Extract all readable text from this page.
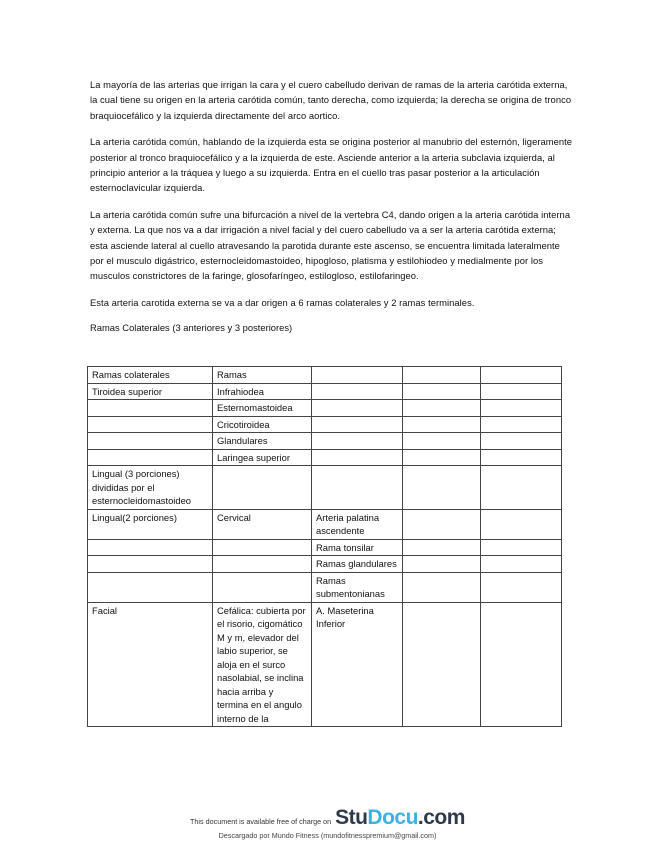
La mayoría de las arterias que irrigan la cara y el cuero cabelludo derivan de ramas de la arteria carótida externa, la cual tiene su origen en la arteria carótida común, tanto derecha, como izquierda; la derecha se origina de tronco braquiocefálico y la izquierda directamente del arco aortico.

La arteria carótida común, hablando de la izquierda esta se origina posterior al manubrio del esternón, ligeramente posterior al tronco braquiocefálico y a la izquierda de este. Asciende anterior a la arteria subclavia izquierda, al principio anterior a la tráquea y luego a su izquierda. Entra en el cuello tras pasar posterior a la articulación esternoclavicular izquierda.

La arteria carótida común sufre una bifurcación a nivel de la vertebra C4, dando origen a la arteria carótida interna y externa. La que nos va a dar irrigación a nivel facial y del cuero cabelludo va a ser la arteria carótida externa; esta asciende lateral al cuello atravesando la parotida durante este ascenso, se encuentra limitada lateralmente por el musculo digástrico, esternocleidomastoideo, hipogloso, platisma y estilohiodeo y medialmente por los musculos constrictores de la faringe, glosofaríngeo, estilogloso, estilofaringeo.

Esta arteria carotida externa se va a dar origen a 6 ramas colaterales y 2 ramas terminales.

Ramas Colaterales (3 anteriores y 3 posteriores)

Ramas colaterales	Ramas			
Tiroidea superior	Infrahiodea			
	Esternomastoidea			
	Cricotiroidea			
	Glandulares			
	Laringea superior			
Lingual (3 porciones) divididas por el esternocleidomastoideo				
Lingual(2 porciones)	Cervical	Arteria palatina ascendente		
		Rama tonsilar		
		Ramas glandulares		
		Ramas submentonianas		
Facial	Cefálica: cubierta por el risorio, cigomático M y m, elevador del labio superior, se aloja en el surco nasolabial, se inclina hacia arriba y termina en el angulo interno de la	A. Maseterina Inferior		
This document is available free of charge on StuDocu.com
Descargado por Mundo Fitness (mundofitnesspremium@gmail.com)
